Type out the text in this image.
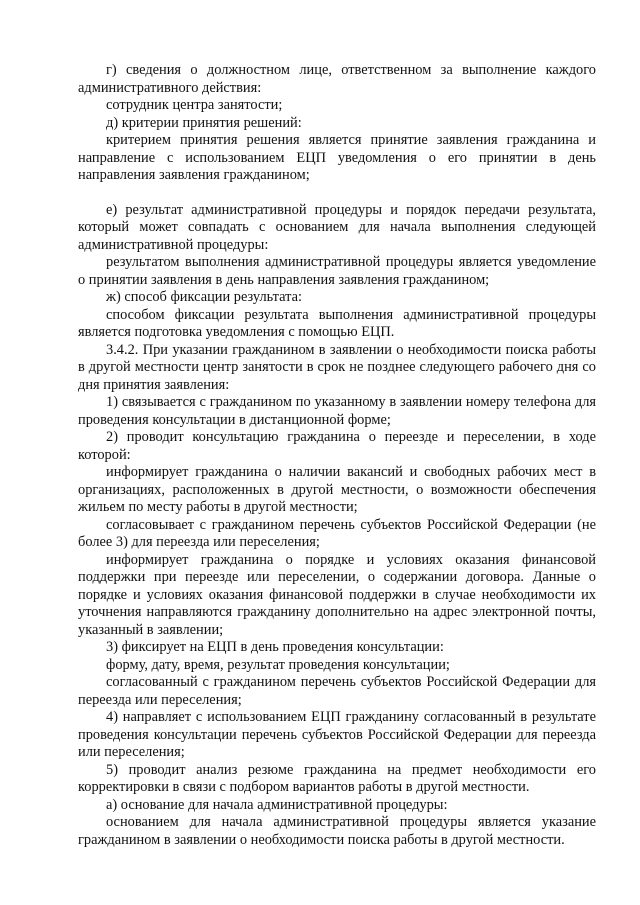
г) сведения о должностном лице, ответственном за выполнение каждого административного действия:

сотрудник центра занятости;

д) критерии принятия решений:

критерием принятия решения является принятие заявления гражданина и направление с использованием ЕЦП уведомления о его принятии в день направления заявления гражданином;

е) результат административной процедуры и порядок передачи результата, который может совпадать с основанием для начала выполнения следующей административной процедуры:

результатом выполнения административной процедуры является уведомление о принятии заявления в день направления заявления гражданином;

ж) способ фиксации результата:

способом фиксации результата выполнения административной процедуры является подготовка уведомления с помощью ЕЦП.

3.4.2. При указании гражданином в заявлении о необходимости поиска работы в другой местности центр занятости в срок не позднее следующего рабочего дня со дня принятия заявления:

1) связывается с гражданином по указанному в заявлении номеру телефона для проведения консультации в дистанционной форме;

2) проводит консультацию гражданина о переезде и переселении, в ходе которой:

информирует гражданина о наличии вакансий и свободных рабочих мест в организациях, расположенных в другой местности, о возможности обеспечения жильем по месту работы в другой местности;

согласовывает с гражданином перечень субъектов Российской Федерации (не более 3) для переезда или переселения;

информирует гражданина о порядке и условиях оказания финансовой поддержки при переезде или переселении, о содержании договора. Данные о порядке и условиях оказания финансовой поддержки в случае необходимости их уточнения направляются гражданину дополнительно на адрес электронной почты, указанный в заявлении;

3) фиксирует на ЕЦП в день проведения консультации:

форму, дату, время, результат проведения консультации;

согласованный с гражданином перечень субъектов Российской Федерации для переезда или переселения;

4) направляет с использованием ЕЦП гражданину согласованный в результате проведения консультации перечень субъектов Российской Федерации для переезда или переселения;

5) проводит анализ резюме гражданина на предмет необходимости его корректировки в связи с подбором вариантов работы в другой местности.

а) основание для начала административной процедуры:

основанием для начала административной процедуры является указание гражданином в заявлении о необходимости поиска работы в другой местности.
